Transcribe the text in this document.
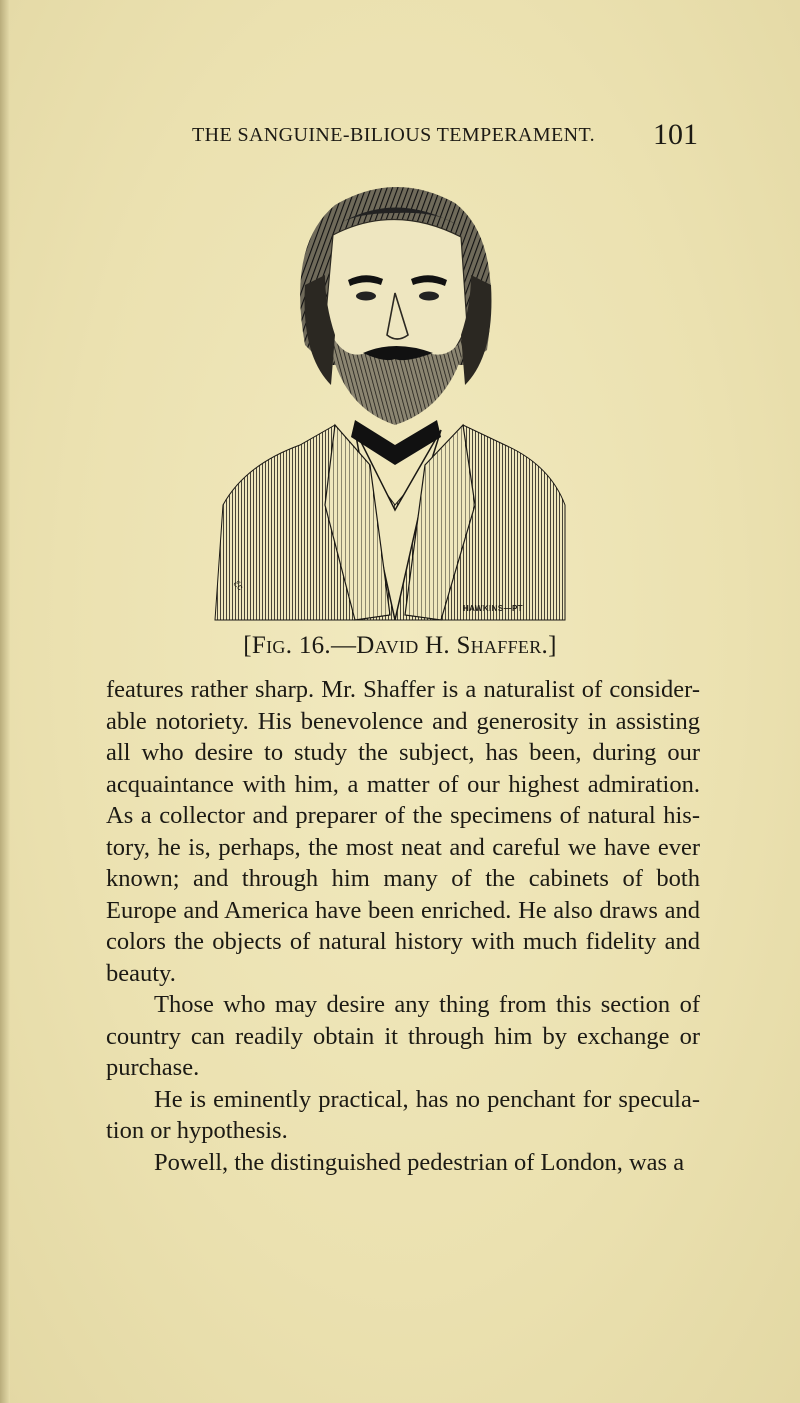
THE SANGUINE-BILIOUS TEMPERAMENT. 101
ℰc
HAWKINS—PT
[Fig. 16.—David H. Shaffer.]

features rather sharp. Mr. Shaffer is a naturalist of consider-able notoriety. His benevolence and generosity in assisting all who desire to study the subject, has been, during our acquaintance with him, a matter of our highest admiration. As a collector and preparer of the specimens of natural his-tory, he is, perhaps, the most neat and careful we have ever known; and through him many of the cabinets of both Europe and America have been enriched. He also draws and colors the objects of natural history with much fidelity and beauty.

Those who may desire any thing from this section of country can readily obtain it through him by exchange or purchase.

He is eminently practical, has no penchant for specula-tion or hypothesis.

Powell, the distinguished pedestrian of London, was a
